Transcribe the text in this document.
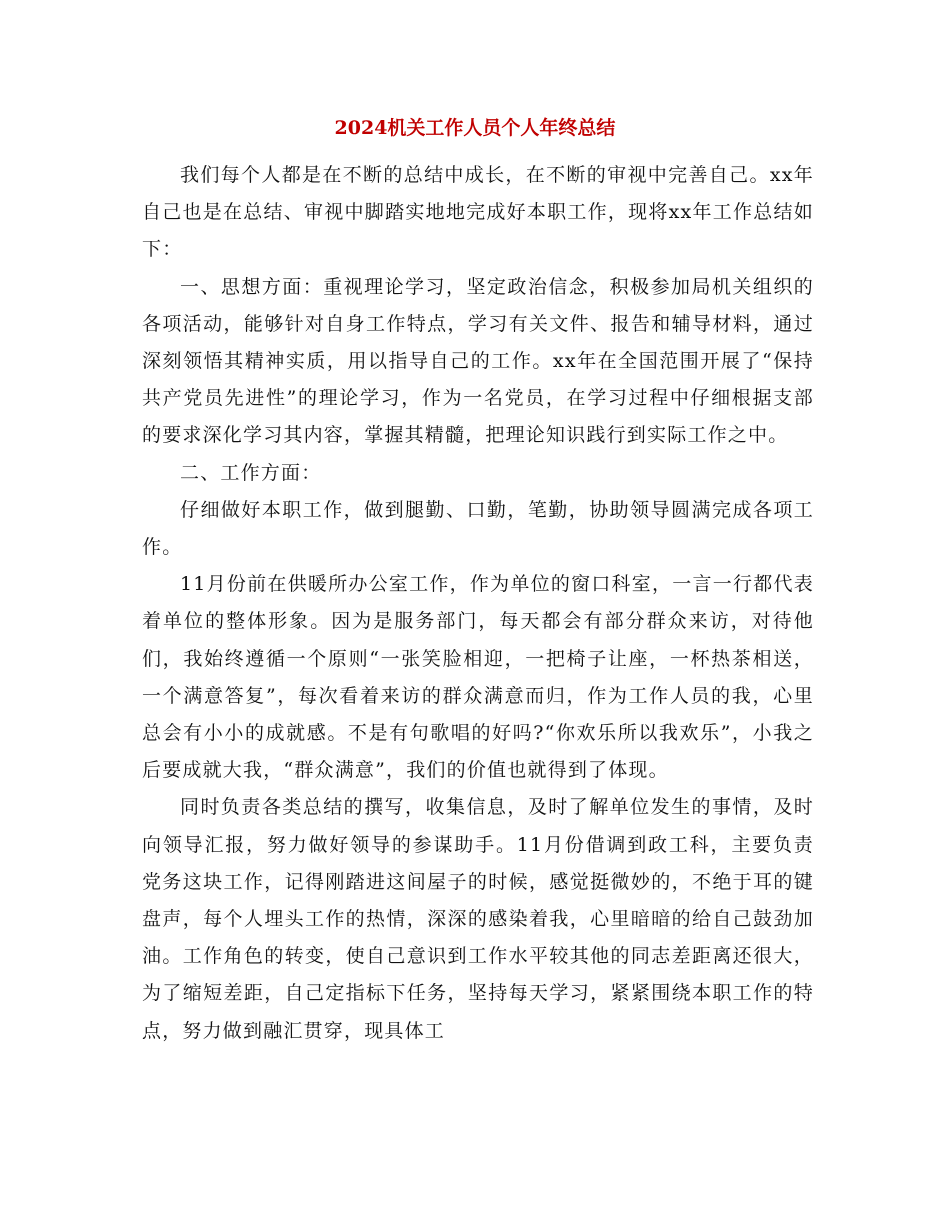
2024机关工作人员个人年终总结

我们每个人都是在不断的总结中成长，在不断的审视中完善自己。xx年自己也是在总结、审视中脚踏实地地完成好本职工作，现将xx年工作总结如下：

一、思想方面：重视理论学习，坚定政治信念，积极参加局机关组织的各项活动，能够针对自身工作特点，学习有关文件、报告和辅导材料，通过深刻领悟其精神实质，用以指导自己的工作。xx年在全国范围开展了“保持共产党员先进性”的理论学习，作为一名党员，在学习过程中仔细根据支部的要求深化学习其内容，掌握其精髓，把理论知识践行到实际工作之中。

二、工作方面：

仔细做好本职工作，做到腿勤、口勤，笔勤，协助领导圆满完成各项工作。

11月份前在供暖所办公室工作，作为单位的窗口科室，一言一行都代表着单位的整体形象。因为是服务部门，每天都会有部分群众来访，对待他们，我始终遵循一个原则“一张笑脸相迎，一把椅子让座，一杯热茶相送，一个满意答复”，每次看着来访的群众满意而归，作为工作人员的我，心里总会有小小的成就感。不是有句歌唱的好吗?“你欢乐所以我欢乐”，小我之后要成就大我，“群众满意”，我们的价值也就得到了体现。

同时负责各类总结的撰写，收集信息，及时了解单位发生的事情，及时向领导汇报，努力做好领导的参谋助手。11月份借调到政工科，主要负责党务这块工作，记得刚踏进这间屋子的时候，感觉挺微妙的，不绝于耳的键盘声，每个人埋头工作的热情，深深的感染着我，心里暗暗的给自己鼓劲加油。工作角色的转变，使自己意识到工作水平较其他的同志差距离还很大，为了缩短差距，自己定指标下任务，坚持每天学习，紧紧围绕本职工作的特点，努力做到融汇贯穿，现具体工
